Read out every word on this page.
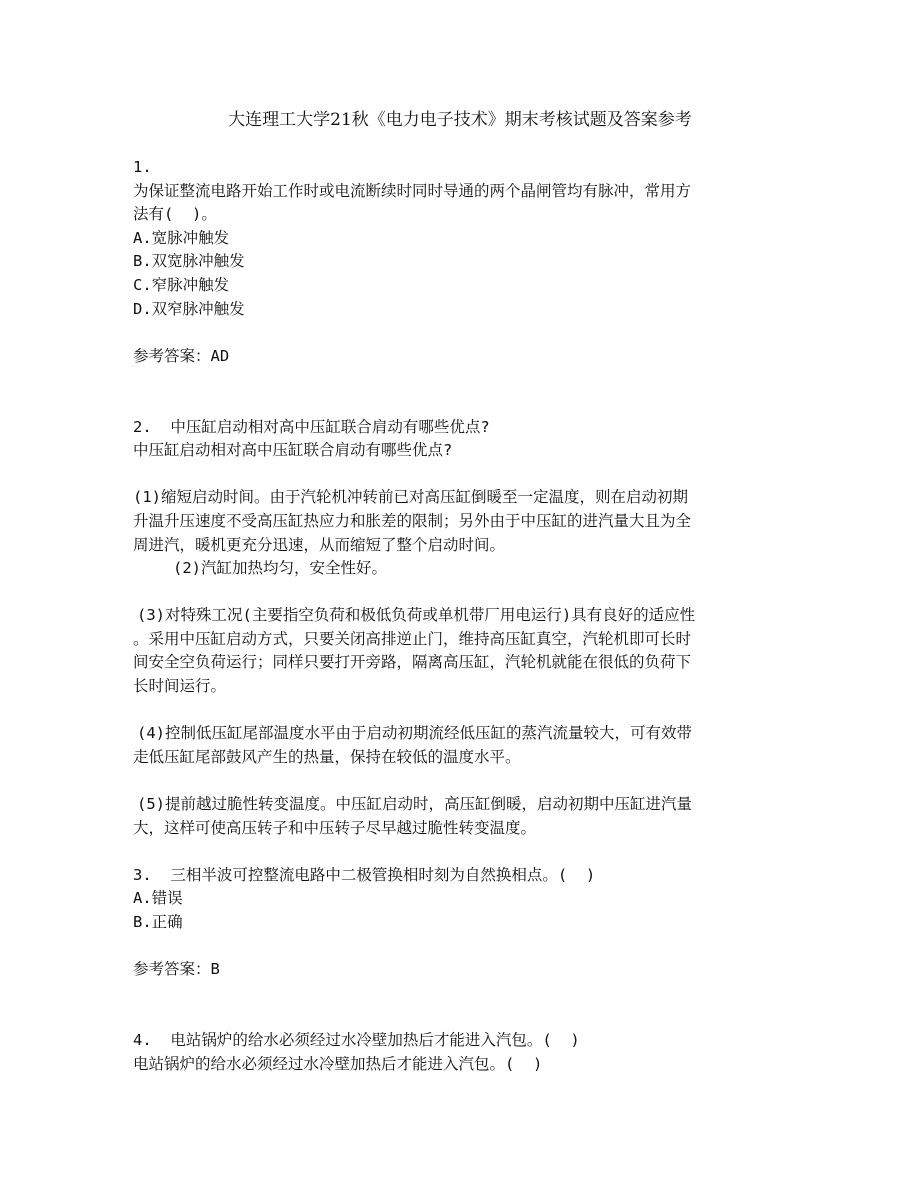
大连理工大学21秋《电力电子技术》期末考核试题及答案参考
1.
为保证整流电路开始工作时或电流断续时同时导通的两个晶闸管均有脉冲，常用方
法有(  )。
A.宽脉冲触发
B.双宽脉冲触发
C.窄脉冲触发
D.双窄脉冲触发
参考答案：AD
2.  中压缸启动相对高中压缸联合肩动有哪些优点?
中压缸启动相对高中压缸联合肩动有哪些优点?
(1)缩短启动时间。由于汽轮机冲转前已对高压缸倒暖至一定温度，则在启动初期
升温升压速度不受高压缸热应力和胀差的限制；另外由于中压缸的进汽量大且为全
周进汽，暖机更充分迅速，从而缩短了整个启动时间。
(2)汽缸加热均匀，安全性好。
(3)对特殊工况(主要指空负荷和极低负荷或单机带厂用电运行)具有良好的适应性
。采用中压缸启动方式，只要关闭高排逆止门，维持高压缸真空，汽轮机即可长时
间安全空负荷运行；同样只要打开旁路，隔离高压缸，汽轮机就能在很低的负荷下
长时间运行。
(4)控制低压缸尾部温度水平由于启动初期流经低压缸的蒸汽流量较大，可有效带
走低压缸尾部鼓风产生的热量，保持在较低的温度水平。
(5)提前越过脆性转变温度。中压缸启动时，高压缸倒暖，启动初期中压缸进汽量
大，这样可使高压转子和中压转子尽早越过脆性转变温度。
3.  三相半波可控整流电路中二极管换相时刻为自然换相点。(  )
A.错误
B.正确
参考答案：B
4.  电站锅炉的给水必须经过水冷壁加热后才能进入汽包。(  )
电站锅炉的给水必须经过水冷壁加热后才能进入汽包。(  )
